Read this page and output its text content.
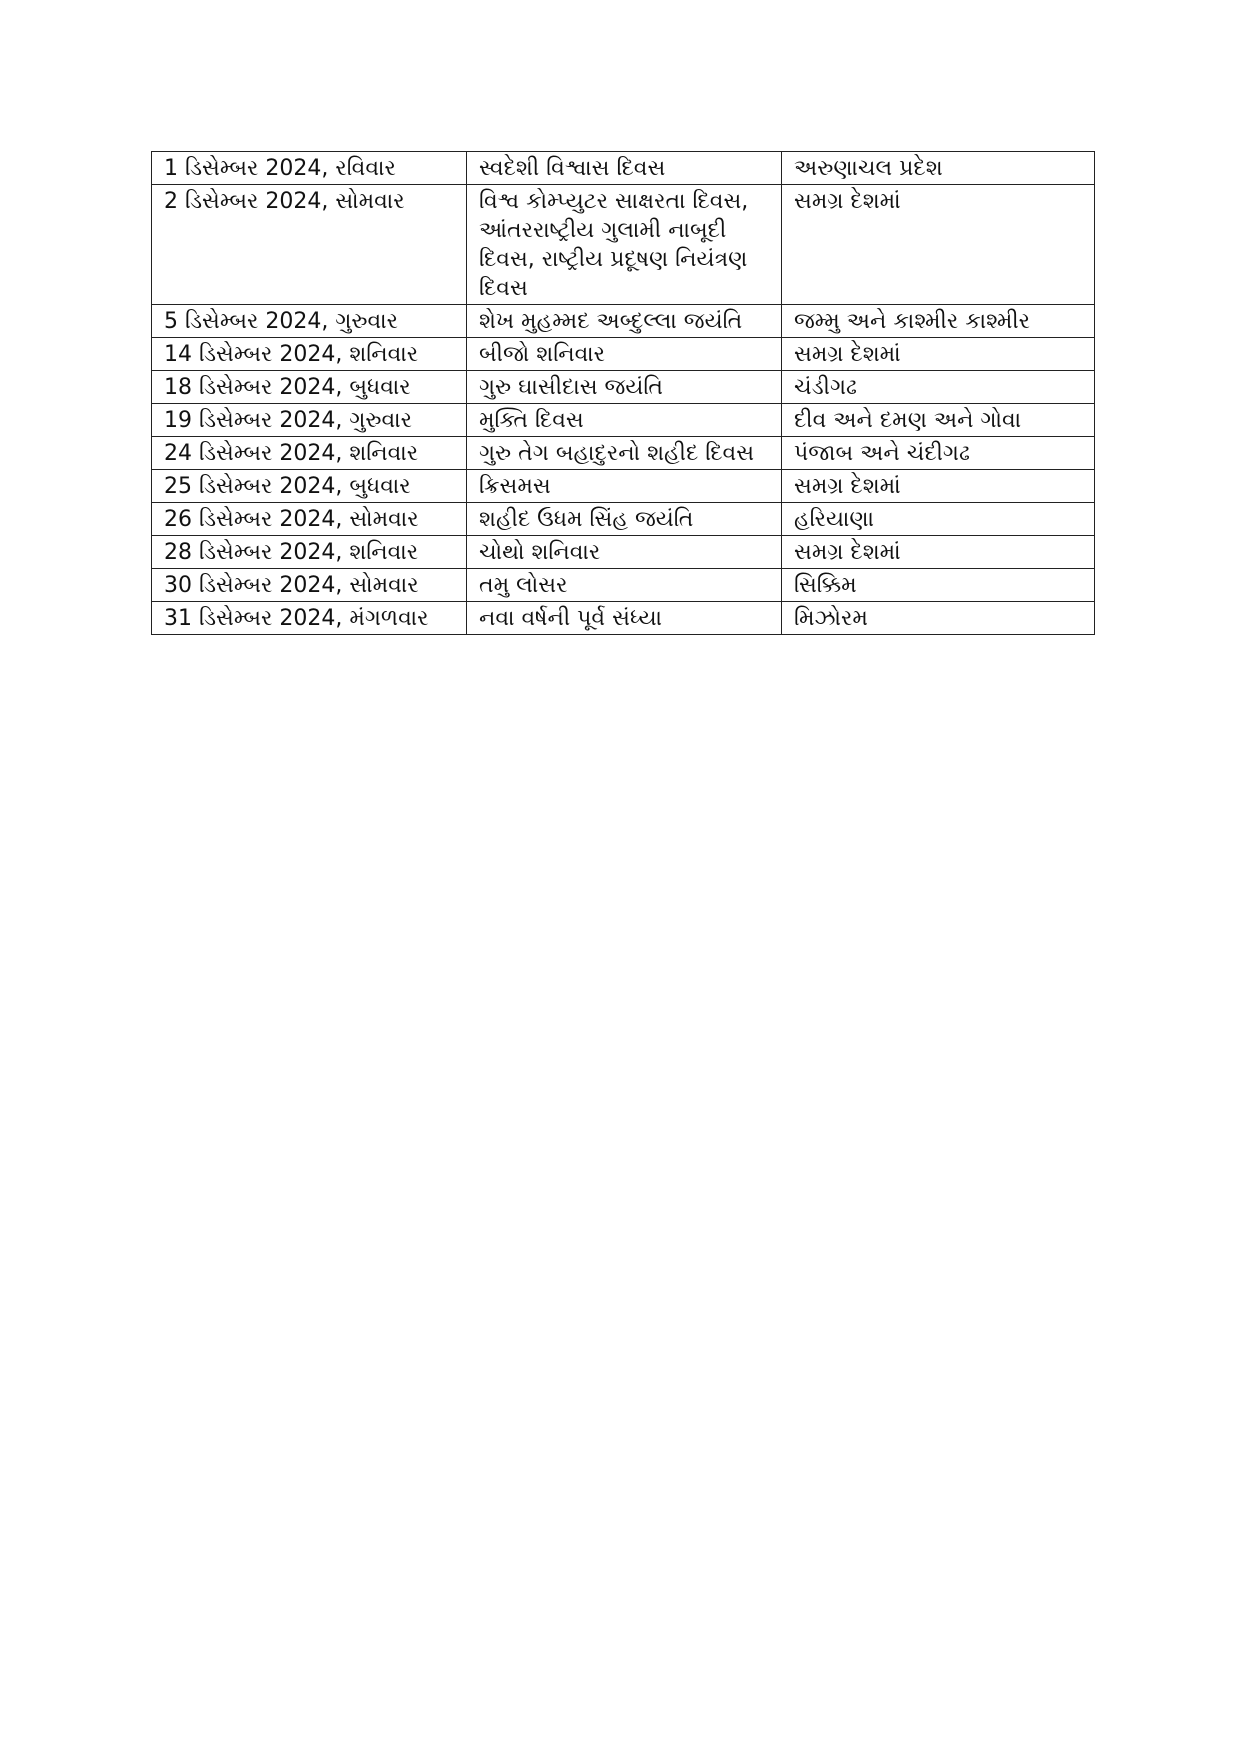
1 ડિસેમ્બર 2024, રવિવાર	સ્વદેશી વિશ્વાસ દિવસ	અરુણાચલ પ્રદેશ
2 ડિસેમ્બર 2024, સોમવાર	વિશ્વ કોમ્પ્યુટર સાક્ષરતા દિવસ, આંતરરાષ્ટ્રીય ગુલામી નાબૂદી દિવસ, રાષ્ટ્રીય પ્રદૂષણ નિયંત્રણ દિવસ	સમગ્ર દેશમાં
5 ડિસેમ્બર 2024, ગુરુવાર	શેખ મુહમ્મદ અબ્દુલ્લા જયંતિ	જમ્મુ અને કાશ્મીર કાશ્મીર
14 ડિસેમ્બર 2024, શનિવાર	બીજો શનિવાર	સમગ્ર દેશમાં
18 ડિસેમ્બર 2024, બુધવાર	ગુરુ ઘાસીદાસ જયંતિ	ચંડીગઢ
19 ડિસેમ્બર 2024, ગુરુવાર	મુક્તિ દિવસ	દીવ અને દમણ અને ગોવા
24 ડિસેમ્બર 2024, શનિવાર	ગુરુ તેગ બહાદુરનો શહીદ દિવસ	પંજાબ અને ચંદીગઢ
25 ડિસેમ્બર 2024, બુધવાર	ક્રિસમસ	સમગ્ર દેશમાં
26 ડિસેમ્બર 2024, સોમવાર	શહીદ ઉધમ સિંહ જયંતિ	હરિયાણા
28 ડિસેમ્બર 2024, શનિવાર	ચોથો શનિવાર	સમગ્ર દેશમાં
30 ડિસેમ્બર 2024, સોમવાર	તમુ લોસર	સિક્કિમ
31 ડિસેમ્બર 2024, મંગળવાર	નવા વર્ષની પૂર્વ સંધ્યા	મિઝોરમ
